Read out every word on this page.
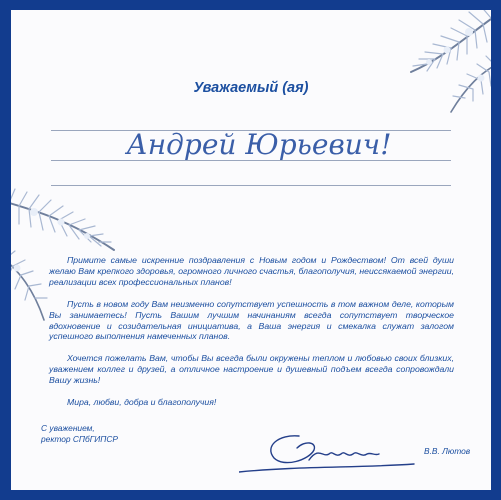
Уважаемый (ая)
Андрей Юрьевич!

Примите самые искренние поздравления с Новым годом и Рождеством! От всей души желаю Вам крепкого здоровья, огромного личного счастья, благополучия, неиссякаемой энергии, реализации всех профессиональных планов!

Пусть в новом году Вам неизменно сопутствует успешность в том важном деле, которым Вы занимаетесь! Пусть Вашим лучшим начинаниям всегда сопутствует творческое вдохновение и созидательная инициатива, а Ваша энергия и смекалка служат залогом успешного выполнения намеченных планов.

Хочется пожелать Вам, чтобы Вы всегда были окружены теплом и любовью своих близких, уважением коллег и друзей, а отличное настроение и душевный подъем всегда сопровождали Вашу жизнь!

Мира, любви, добра и благополучия!

С уважением,
ректор СПбГИПСР
В.В. Лютов
